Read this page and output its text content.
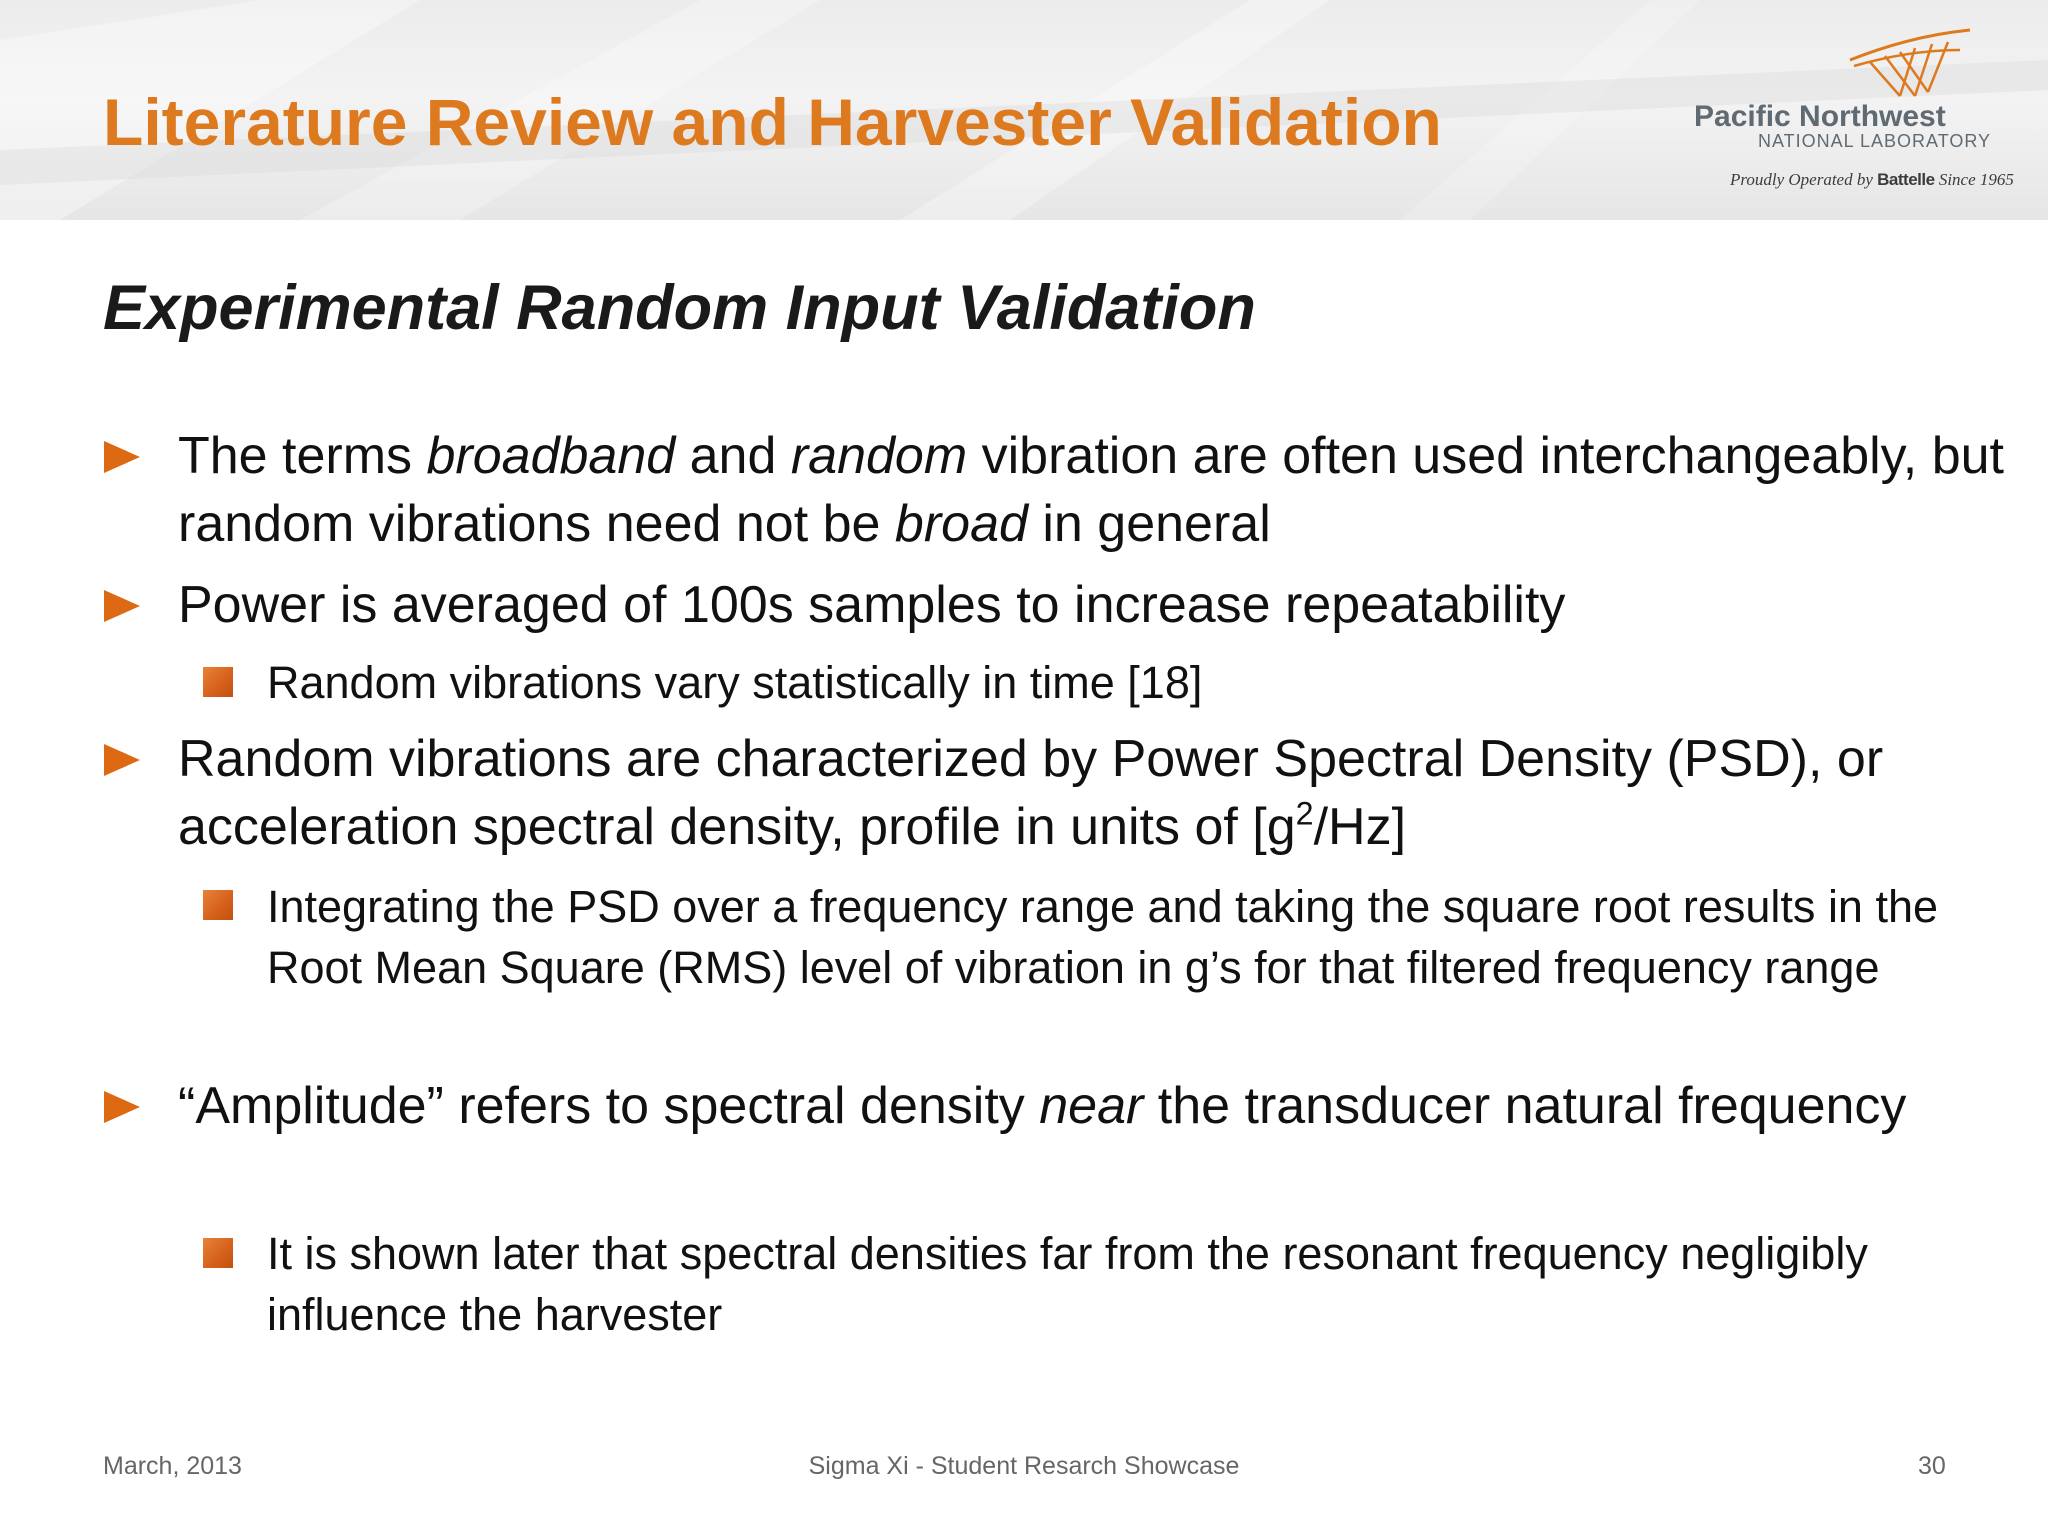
Literature Review and Harvester Validation	Pacific Northwest
NATIONAL LABORATORY
Proudly Operated by Battelle Since 1965
Experimental Random Input Validation
The terms broadband and random vibration are often used interchangeably, but random vibrations need not be broad in general
Power is averaged of 100s samples to increase repeatability
Random vibrations vary statistically in time [18]
Random vibrations are characterized by Power Spectral Density (PSD), or acceleration spectral density, profile in units of $[g^2/Hz]$
Integrating the PSD over a frequency range and taking the square root results in the Root Mean Square (RMS) level of vibration in g’s for that filtered frequency range
“Amplitude” refers to spectral density near the transducer natural frequency
It is shown later that spectral densities far from the resonant frequency negligibly influence the harvester
March, 2013	Sigma Xi - Student Resarch Showcase	30
